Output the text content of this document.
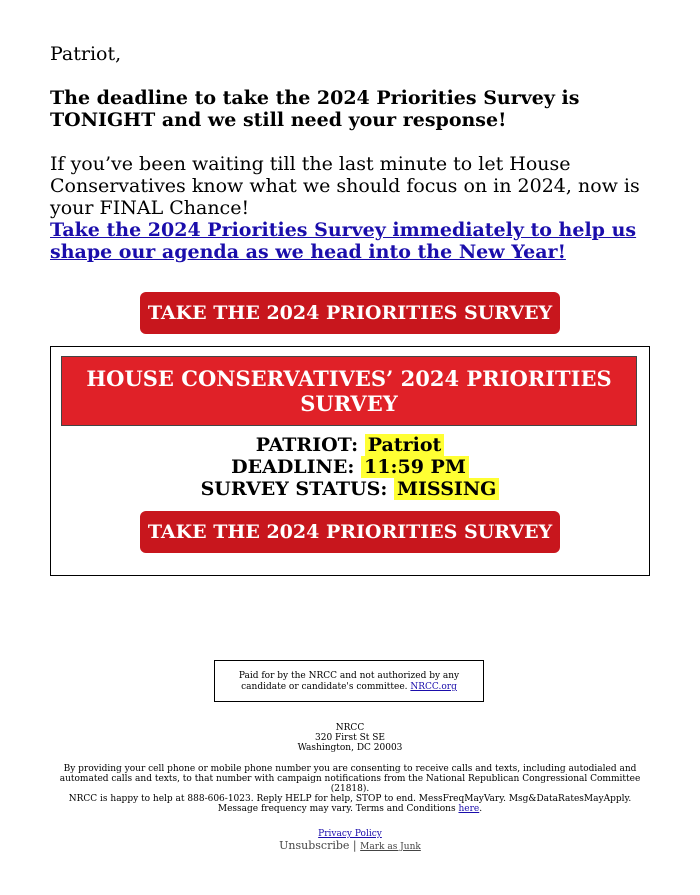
Patriot,

The deadline to take the 2024 Priorities Survey is TONIGHT and we still need your response!

If you’ve been waiting till the last minute to let House Conservatives know what we should focus on in 2024, now is your FINAL Chance!

Take the 2024 Priorities Survey immediately to help us shape our agenda as we head into the New Year!
TAKE THE 2024 PRIORITIES SURVEY
HOUSE CONSERVATIVES’ 2024 PRIORITIES SURVEY
PATRIOT: Patriot
DEADLINE: 11:59 PM
SURVEY STATUS: MISSING
TAKE THE 2024 PRIORITIES SURVEY
Paid for by the NRCC and not authorized by any candidate or candidate's committee. NRCC.org
NRCC
320 First St SE
Washington, DC 20003

By providing your cell phone or mobile phone number you are consenting to receive calls and texts, including autodialed and automated calls and texts, to that number with campaign notifications from the National Republican Congressional Committee (21818).

NRCC is happy to help at 888-606-1023. Reply HELP for help, STOP to end. MessFreqMayVary. Msg&DataRatesMayApply. Message frequency may vary. Terms and Conditions here.

Privacy Policy
Unsubscribe | Mark as Junk
